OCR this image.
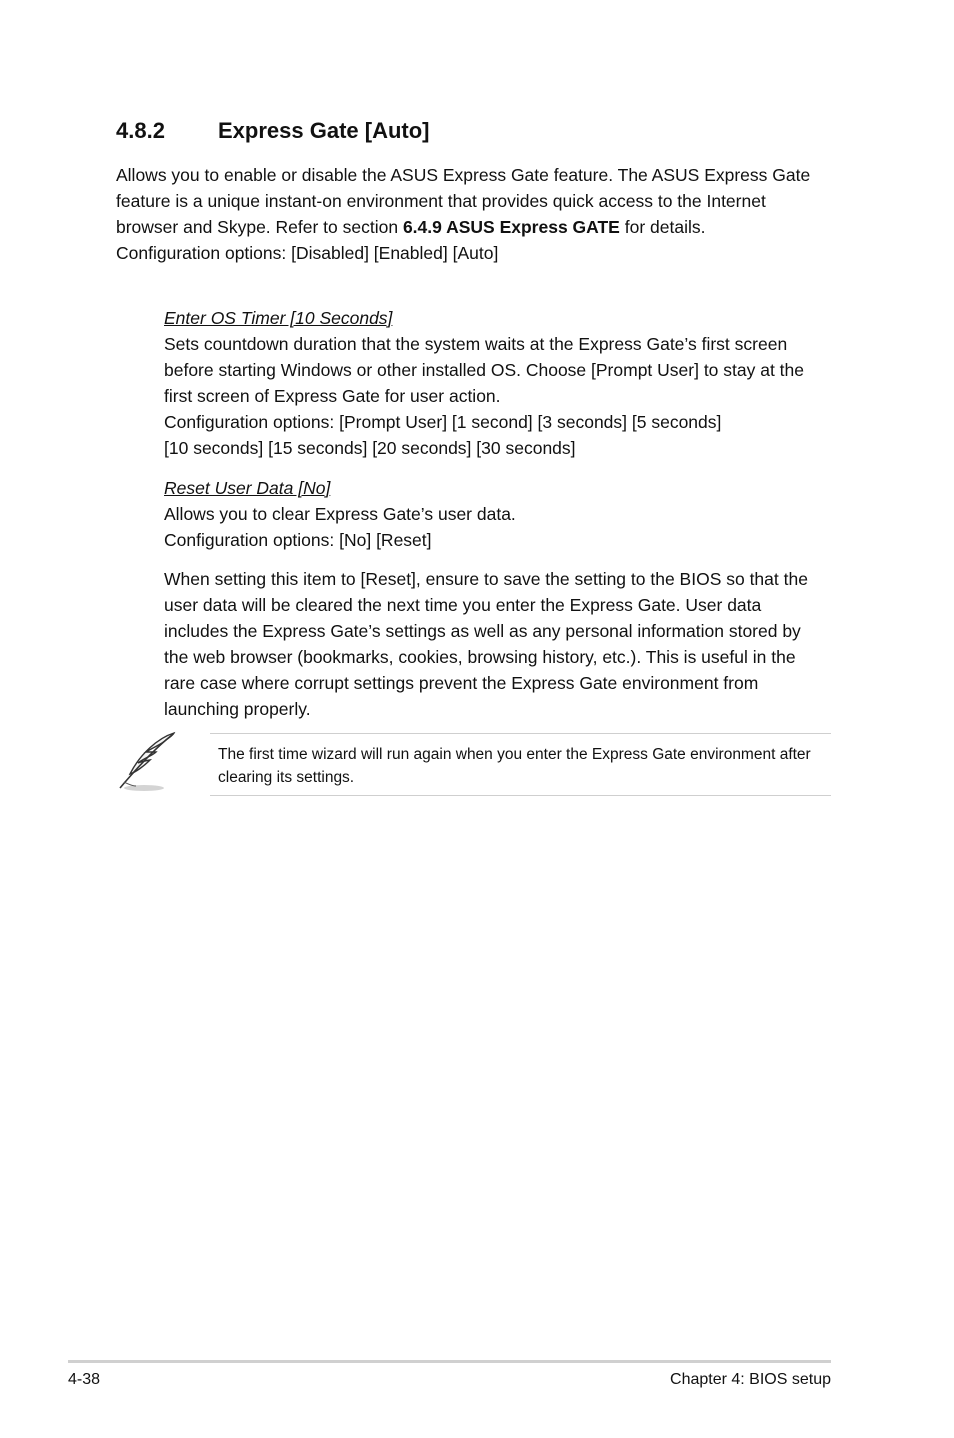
4.8.2 Express Gate [Auto]

Allows you to enable or disable the ASUS Express Gate feature. The ASUS Express Gate feature is a unique instant-on environment that provides quick access to the Internet browser and Skype. Refer to section 6.4.9 ASUS Express GATE for details.

Configuration options: [Disabled] [Enabled] [Auto]

Enter OS Timer [10 Seconds]

Sets countdown duration that the system waits at the Express Gate’s first screen before starting Windows or other installed OS. Choose [Prompt User] to stay at the first screen of Express Gate for user action.

Configuration options: [Prompt User] [1 second] [3 seconds] [5 seconds]

[10 seconds] [15 seconds] [20 seconds] [30 seconds]

Reset User Data [No]

Allows you to clear Express Gate’s user data.

Configuration options: [No] [Reset]

When setting this item to [Reset], ensure to save the setting to the BIOS so that the user data will be cleared the next time you enter the Express Gate. User data includes the Express Gate’s settings as well as any personal information stored by the web browser (bookmarks, cookies, browsing history, etc.). This is useful in the rare case where corrupt settings prevent the Express Gate environment from launching properly.

The first time wizard will run again when you enter the Express Gate environment after clearing its settings.
4-38	Chapter 4: BIOS setup
